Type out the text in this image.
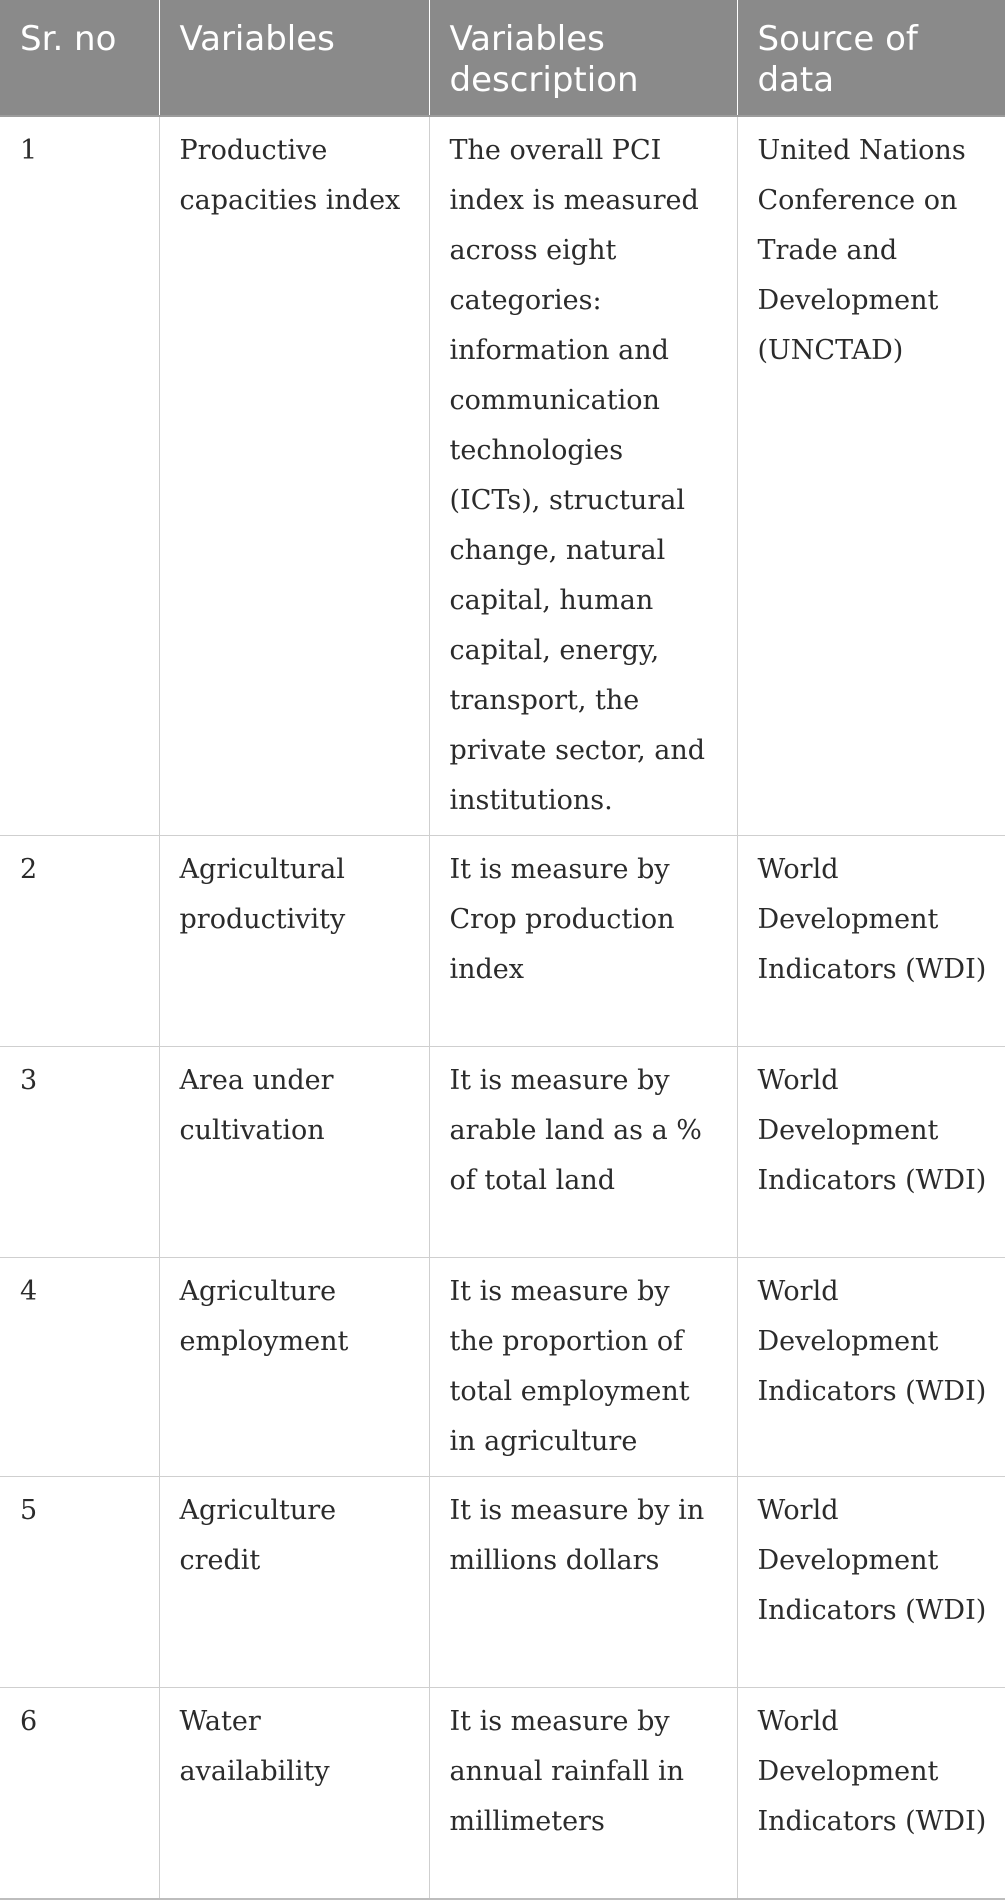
Sr. no	Variables	Variables description	Source of data
1	Productive capacities index	The overall PCI index is measured across eight categories: information and communication technologies (ICTs), structural change, natural capital, human capital, energy, transport, the private sector, and institutions.	United Nations Conference on Trade and Development (UNCTAD)
2	Agricultural productivity	It is measure by Crop production index	World Development Indicators (WDI)
3	Area under cultivation	It is measure by arable land as a % of total land	World Development Indicators (WDI)
4	Agriculture employment	It is measure by the proportion of total employment in agriculture	World Development Indicators (WDI)
5	Agriculture credit	It is measure by in millions dollars	World Development Indicators (WDI)
6	Water availability	It is measure by annual rainfall in millimeters	World Development Indicators (WDI)
